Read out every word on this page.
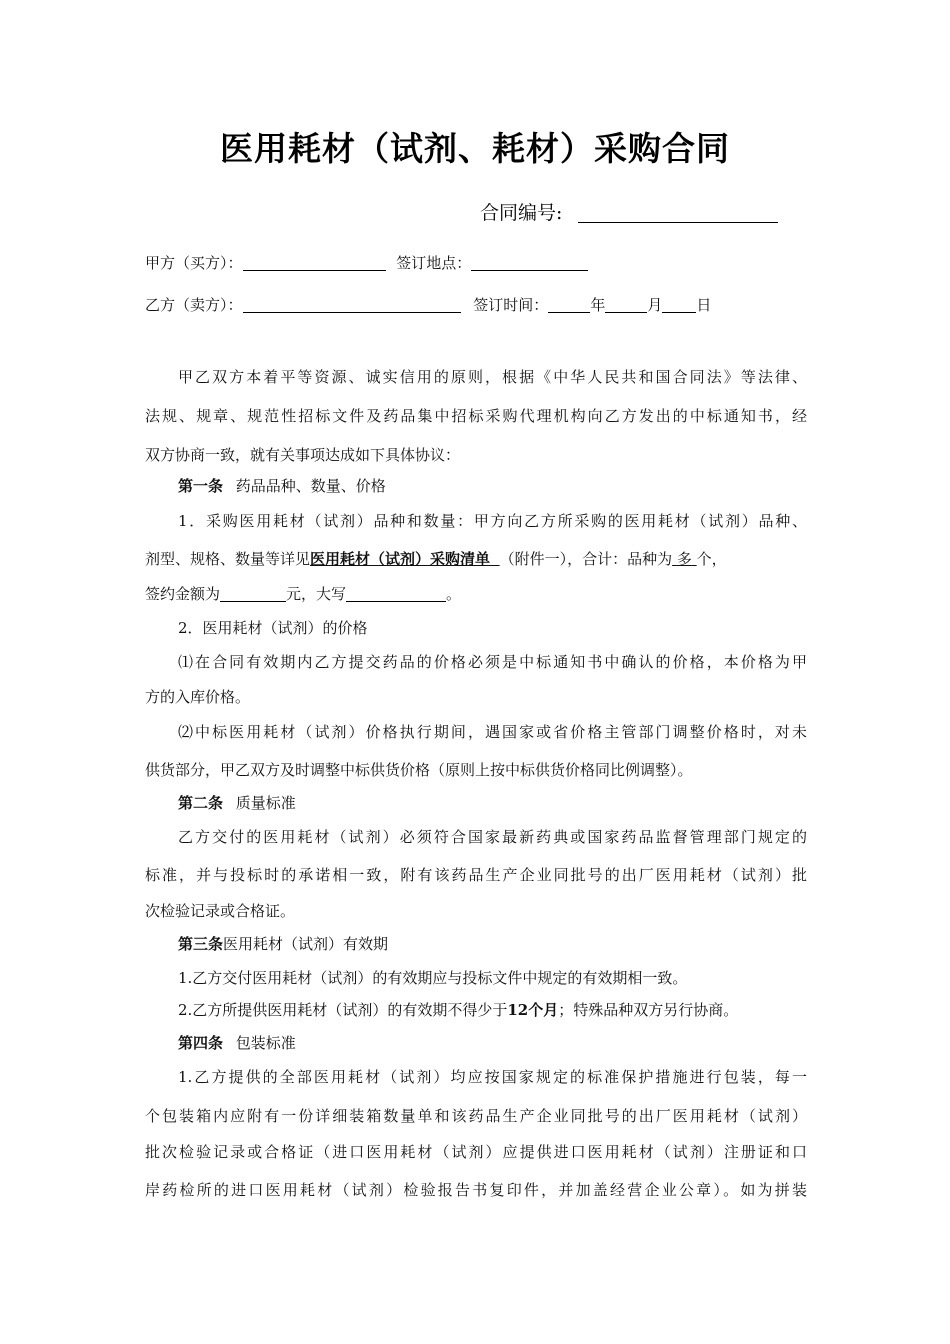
医用耗材（试剂、耗材）采购合同
合同编号:
甲方（买方）：	签订地点：
乙方（卖方）：	签订时间：	年	月 日
甲乙双方本着平等资源、诚实信用的原则，根据《中华人民共和国合同法》等法律、
法规、规章、规范性招标文件及药品集中招标采购代理机构向乙方发出的中标通知书，经
双方协商一致，就有关事项达成如下具体协议：
第一条 药品品种、数量、价格
1．采购医用耗材（试剂）品种和数量：甲方向乙方所采购的医用耗材（试剂）品种、
剂型、规格、数量等详见医用耗材（试剂）采购清单 （附件一），合计：品种为 多 个，
签约金额为	元，大写	。
2．医用耗材（试剂）的价格
⑴在合同有效期内乙方提交药品的价格必须是中标通知书中确认的价格，本价格为甲
方的入库价格。
⑵中标医用耗材（试剂）价格执行期间，遇国家或省价格主管部门调整价格时，对未
供货部分，甲乙双方及时调整中标供货价格（原则上按中标供货价格同比例调整）。
第二条 质量标准
乙方交付的医用耗材（试剂）必须符合国家最新药典或国家药品监督管理部门规定的
标准，并与投标时的承诺相一致，附有该药品生产企业同批号的出厂医用耗材（试剂）批
次检验记录或合格证。
第三条医用耗材（试剂）有效期
1.乙方交付医用耗材（试剂）的有效期应与投标文件中规定的有效期相一致。
2.乙方所提供医用耗材（试剂）的有效期不得少于12个月；特殊品种双方另行协商。
第四条 包装标准
1.乙方提供的全部医用耗材（试剂）均应按国家规定的标准保护措施进行包装，每一
个包装箱内应附有一份详细装箱数量单和该药品生产企业同批号的出厂医用耗材（试剂）
批次检验记录或合格证（进口医用耗材（试剂）应提供进口医用耗材（试剂）注册证和口
岸药检所的进口医用耗材（试剂）检验报告书复印件，并加盖经营企业公章）。如为拼装
